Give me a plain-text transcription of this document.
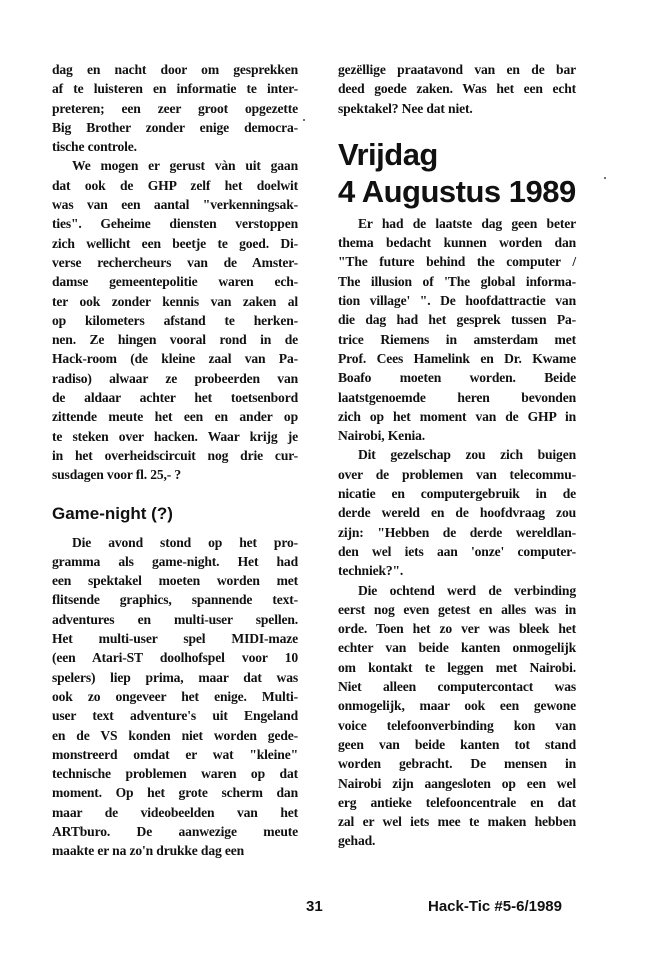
dag en nacht door om gesprekken
af te luisteren en informatie te inter-
preteren; een zeer groot opgezette
Big Brother zonder enige democra-
tische controle.

We mogen er gerust vàn uit gaan
dat ook de GHP zelf het doelwit
was van een aantal "verkenningsak-
ties". Geheime diensten verstoppen
zich wellicht een beetje te goed. Di-
verse rechercheurs van de Amster-
damse gemeentepolitie waren ech-
ter ook zonder kennis van zaken al
op kilometers afstand te herken-
nen. Ze hingen vooral rond in de
Hack-room (de kleine zaal van Pa-
radiso) alwaar ze probeerden van
de aldaar achter het toetsenbord
zittende meute het een en ander op
te steken over hacken. Waar krijg je
in het overheidscircuit nog drie cur-
susdagen voor fl. 25,- ?

Game-night (?)

Die avond stond op het pro-
gramma als game-night. Het had
een spektakel moeten worden met
flitsende graphics, spannende text-
adventures en multi-user spellen.
Het multi-user spel MIDI-maze
(een Atari-ST doolhofspel voor 10
spelers) liep prima, maar dat was
ook zo ongeveer het enige. Multi-
user text adventure's uit Engeland
en de VS konden niet worden gede-
monstreerd omdat er wat "kleine"
technische problemen waren op dat
moment. Op het grote scherm dan
maar de videobeelden van het
ARTburo. De aanwezige meute
maakte er na zo'n drukke dag een

gezëllige praatavond van en de bar
deed goede zaken. Was het een echt
spektakel? Nee dat niet.

Vrijdag
4 Augustus 1989

Er had de laatste dag geen beter
thema bedacht kunnen worden dan
"The future behind the computer /
The illusion of 'The global informa-
tion village' ". De hoofdattractie van
die dag had het gesprek tussen Pa-
trice Riemens in amsterdam met
Prof. Cees Hamelink en Dr. Kwame
Boafo moeten worden. Beide
laatstgenoemde heren bevonden
zich op het moment van de GHP in
Nairobi, Kenia.

Dit gezelschap zou zich buigen
over de problemen van telecommu-
nicatie en computergebruik in de
derde wereld en de hoofdvraag zou
zijn: "Hebben de derde wereldlan-
den wel iets aan 'onze' computer-
techniek?".

Die ochtend werd de verbinding
eerst nog even getest en alles was in
orde. Toen het zo ver was bleek het
echter van beide kanten onmogelijk
om kontakt te leggen met Nairobi.
Niet alleen computercontact was
onmogelijk, maar ook een gewone
voice telefoonverbinding kon van
geen van beide kanten tot stand
worden gebracht. De mensen in
Nairobi zijn aangesloten op een wel
erg antieke telefooncentrale en dat
zal er wel iets mee te maken hebben
gehad.

31	Hack-Tic #5-6/1989
